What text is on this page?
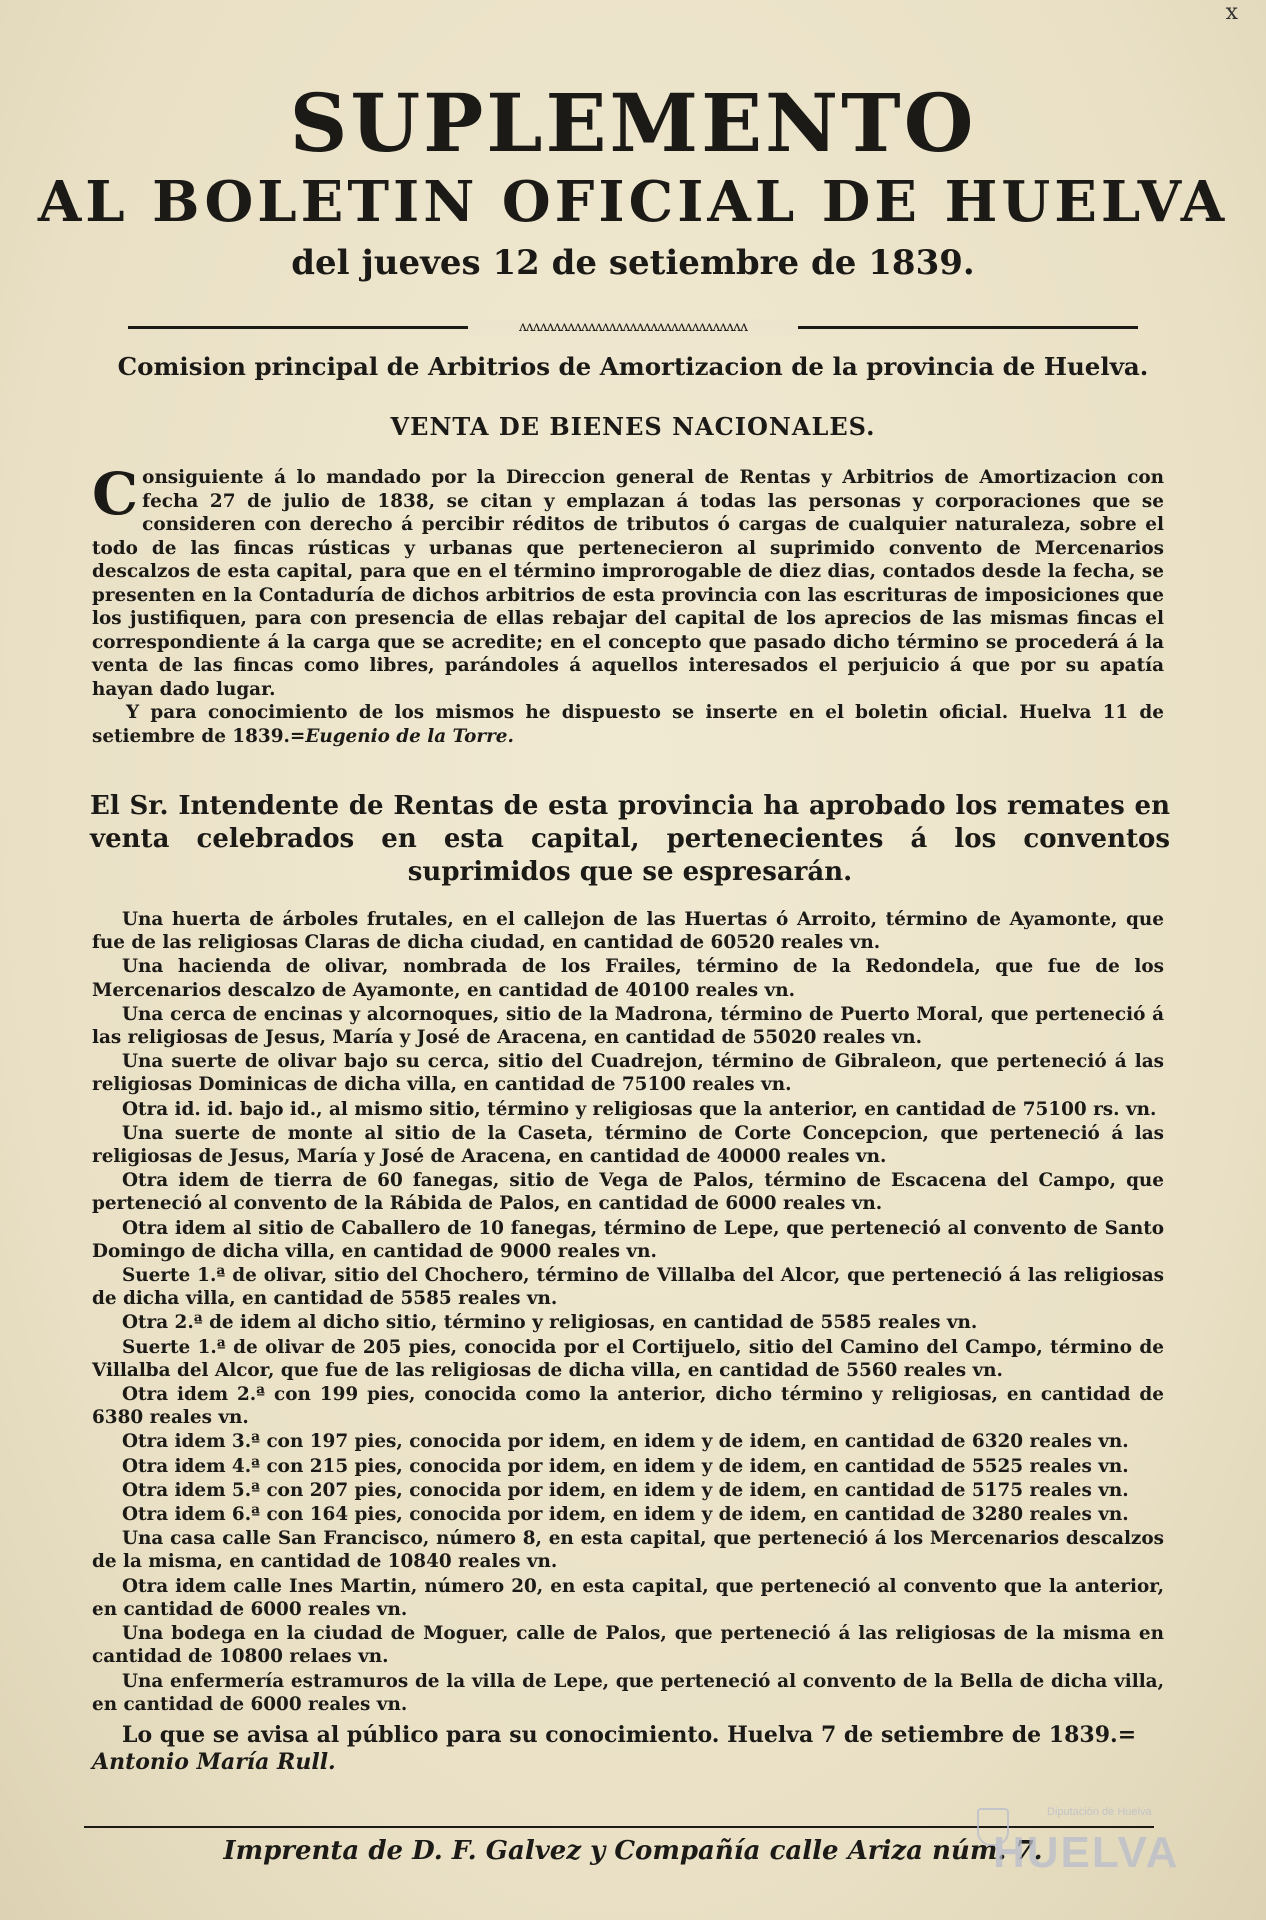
x
SUPLEMENTO
AL BOLETIN OFICIAL DE HUELVA
del jueves 12 de setiembre de 1839.
ᴧᴧᴧᴧᴧᴧᴧᴧᴧᴧᴧᴧᴧᴧᴧᴧᴧᴧᴧᴧᴧᴧᴧᴧᴧᴧᴧᴧᴧᴧᴧᴧᴧ
Comision principal de Arbitrios de Amortizacion de la provincia de Huelva.
VENTA DE BIENES NACIONALES.

Consiguiente á lo mandado por la Direccion general de Rentas y Arbitrios de Amortizacion con fecha 27 de julio de 1838, se citan y emplazan á todas las personas y corporaciones que se consideren con derecho á percibir réditos de tributos ó cargas de cualquier naturaleza, sobre el todo de las fincas rústicas y urbanas que pertenecieron al suprimido convento de Mercenarios descalzos de esta capital, para que en el término improrogable de diez dias, contados desde la fecha, se presenten en la Contaduría de dichos arbitrios de esta provincia con las escrituras de imposiciones que los justifiquen, para con presencia de ellas rebajar del capital de los aprecios de las mismas fincas el correspondiente á la carga que se acredite; en el concepto que pasado dicho término se procederá á la venta de las fincas como libres, parándoles á aquellos interesados el perjuicio á que por su apatía hayan dado lugar.

Y para conocimiento de los mismos he dispuesto se inserte en el boletin oficial. Huelva 11 de setiembre de 1839.=Eugenio de la Torre.

El Sr. Intendente de Rentas de esta provincia ha aprobado los remates en venta celebrados en esta capital, pertenecientes á los conventos suprimidos que se espresarán.

Una huerta de árboles frutales, en el callejon de las Huertas ó Arroito, término de Ayamonte, que fue de las religiosas Claras de dicha ciudad, en cantidad de 60520 reales vn.

Una hacienda de olivar, nombrada de los Frailes, término de la Redondela, que fue de los Mercenarios descalzo de Ayamonte, en cantidad de 40100 reales vn.

Una cerca de encinas y alcornoques, sitio de la Madrona, término de Puerto Moral, que perteneció á las religiosas de Jesus, María y José de Aracena, en cantidad de 55020 reales vn.

Una suerte de olivar bajo su cerca, sitio del Cuadrejon, término de Gibraleon, que perteneció á las religiosas Dominicas de dicha villa, en cantidad de 75100 reales vn.

Otra id. id. bajo id., al mismo sitio, término y religiosas que la anterior, en cantidad de 75100 rs. vn.

Una suerte de monte al sitio de la Caseta, término de Corte Concepcion, que perteneció á las religiosas de Jesus, María y José de Aracena, en cantidad de 40000 reales vn.

Otra idem de tierra de 60 fanegas, sitio de Vega de Palos, término de Escacena del Campo, que perteneció al convento de la Rábida de Palos, en cantidad de 6000 reales vn.

Otra idem al sitio de Caballero de 10 fanegas, término de Lepe, que perteneció al convento de Santo Domingo de dicha villa, en cantidad de 9000 reales vn.

Suerte 1.ª de olivar, sitio del Chochero, término de Villalba del Alcor, que perteneció á las religiosas de dicha villa, en cantidad de 5585 reales vn.

Otra 2.ª de idem al dicho sitio, término y religiosas, en cantidad de 5585 reales vn.

Suerte 1.ª de olivar de 205 pies, conocida por el Cortijuelo, sitio del Camino del Campo, término de Villalba del Alcor, que fue de las religiosas de dicha villa, en cantidad de 5560 reales vn.

Otra idem 2.ª con 199 pies, conocida como la anterior, dicho término y religiosas, en cantidad de 6380 reales vn.

Otra idem 3.ª con 197 pies, conocida por idem, en idem y de idem, en cantidad de 6320 reales vn.

Otra idem 4.ª con 215 pies, conocida por idem, en idem y de idem, en cantidad de 5525 reales vn.

Otra idem 5.ª con 207 pies, conocida por idem, en idem y de idem, en cantidad de 5175 reales vn.

Otra idem 6.ª con 164 pies, conocida por idem, en idem y de idem, en cantidad de 3280 reales vn.

Una casa calle San Francisco, número 8, en esta capital, que perteneció á los Mercenarios descalzos de la misma, en cantidad de 10840 reales vn.

Otra idem calle Ines Martin, número 20, en esta capital, que perteneció al convento que la anterior, en cantidad de 6000 reales vn.

Una bodega en la ciudad de Moguer, calle de Palos, que perteneció á las religiosas de la misma en cantidad de 10800 relaes vn.

Una enfermería estramuros de la villa de Lepe, que perteneció al convento de la Bella de dicha villa, en cantidad de 6000 reales vn.

Lo que se avisa al público para su conocimiento. Huelva 7 de setiembre de 1839.=
Antonio María Rull.

Imprenta de D. F. Galvez y Compañía calle Ariza núm. 7.
Diputación de Huelva
HUELVA
